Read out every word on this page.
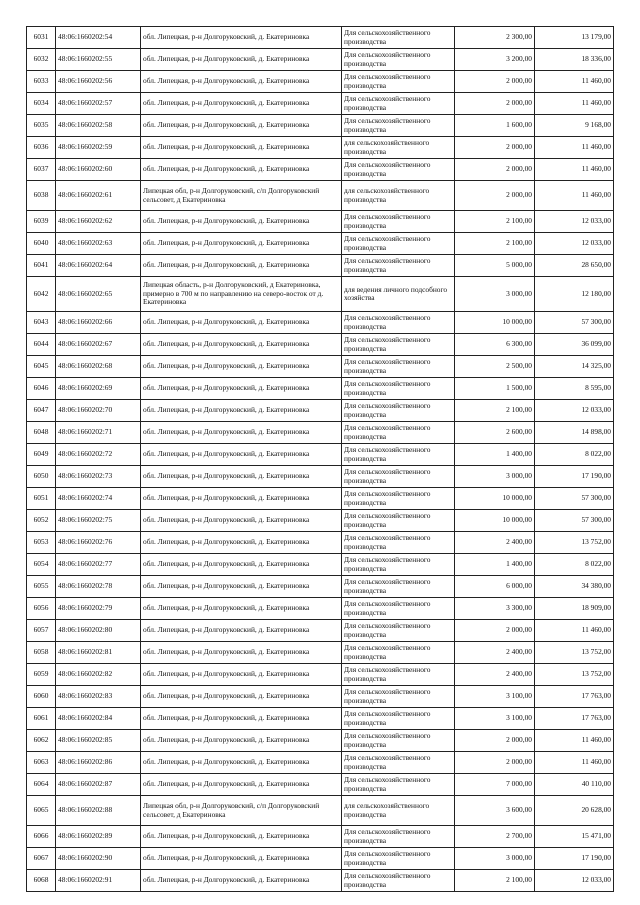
6031	48:06:1660202:54	обл. Липецкая, р-н Долгоруковский, д. Екатериновка	Для сельскохозяйственного производства	2 300,00	13 179,00
6032	48:06:1660202:55	обл. Липецкая, р-н Долгоруковский, д. Екатериновка	Для сельскохозяйственного производства	3 200,00	18 336,00
6033	48:06:1660202:56	обл. Липецкая, р-н Долгоруковский, д. Екатериновка	Для сельскохозяйственного производства	2 000,00	11 460,00
6034	48:06:1660202:57	обл. Липецкая, р-н Долгоруковский, д. Екатериновка	Для сельскохозяйственного производства	2 000,00	11 460,00
6035	48:06:1660202:58	обл. Липецкая, р-н Долгоруковский, д. Екатериновка	Для сельскохозяйственного производства	1 600,00	9 168,00
6036	48:06:1660202:59	обл. Липецкая, р-н Долгоруковский, д. Екатериновка	для сельскохозяйственного производства	2 000,00	11 460,00
6037	48:06:1660202:60	обл. Липецкая, р-н Долгоруковский, д. Екатериновка	Для сельскохозяйственного производства	2 000,00	11 460,00
6038	48:06:1660202:61	Липецкая обл, р-н Долгоруковский, с/п Долгоруковский сельсовет, д Екатериновка	для сельскохозяйственного производства	2 000,00	11 460,00
6039	48:06:1660202:62	обл. Липецкая, р-н Долгоруковский, д. Екатериновка	Для сельскохозяйственного производства	2 100,00	12 033,00
6040	48:06:1660202:63	обл. Липецкая, р-н Долгоруковский, д. Екатериновка	Для сельскохозяйственного производства	2 100,00	12 033,00
6041	48:06:1660202:64	обл. Липецкая, р-н Долгоруковский, д. Екатериновка	Для сельскохозяйственного производства	5 000,00	28 650,00
6042	48:06:1660202:65	Липецкая область, р-н Долгоруковский, д Екатериновка, примерно в 700 м по направлению на северо-восток от д. Екатериновка	для ведения личного подсобного хозяйства	3 000,00	12 180,00
6043	48:06:1660202:66	обл. Липецкая, р-н Долгоруковский, д. Екатериновка	Для сельскохозяйственного производства	10 000,00	57 300,00
6044	48:06:1660202:67	обл. Липецкая, р-н Долгоруковский, д. Екатериновка	Для сельскохозяйственного производства	6 300,00	36 099,00
6045	48:06:1660202:68	обл. Липецкая, р-н Долгоруковский, д. Екатериновка	Для сельскохозяйственного производства	2 500,00	14 325,00
6046	48:06:1660202:69	обл. Липецкая, р-н Долгоруковский, д. Екатериновка	Для сельскохозяйственного производства	1 500,00	8 595,00
6047	48:06:1660202:70	обл. Липецкая, р-н Долгоруковский, д. Екатериновка	Для сельскохозяйственного производства	2 100,00	12 033,00
6048	48:06:1660202:71	обл. Липецкая, р-н Долгоруковский, д. Екатериновка	Для сельскохозяйственного производства	2 600,00	14 898,00
6049	48:06:1660202:72	обл. Липецкая, р-н Долгоруковский, д. Екатериновка	Для сельскохозяйственного производства	1 400,00	8 022,00
6050	48:06:1660202:73	обл. Липецкая, р-н Долгоруковский, д. Екатериновка	Для сельскохозяйственного производства	3 000,00	17 190,00
6051	48:06:1660202:74	обл. Липецкая, р-н Долгоруковский, д. Екатериновка	Для сельскохозяйственного производства	10 000,00	57 300,00
6052	48:06:1660202:75	обл. Липецкая, р-н Долгоруковский, д. Екатериновка	Для сельскохозяйственного производства	10 000,00	57 300,00
6053	48:06:1660202:76	обл. Липецкая, р-н Долгоруковский, д. Екатериновка	Для сельскохозяйственного производства	2 400,00	13 752,00
6054	48:06:1660202:77	обл. Липецкая, р-н Долгоруковский, д. Екатериновка	Для сельскохозяйственного производства	1 400,00	8 022,00
6055	48:06:1660202:78	обл. Липецкая, р-н Долгоруковский, д. Екатериновка	Для сельскохозяйственного производства	6 000,00	34 380,00
6056	48:06:1660202:79	обл. Липецкая, р-н Долгоруковский, д. Екатериновка	Для сельскохозяйственного производства	3 300,00	18 909,00
6057	48:06:1660202:80	обл. Липецкая, р-н Долгоруковский, д. Екатериновка	Для сельскохозяйственного производства	2 000,00	11 460,00
6058	48:06:1660202:81	обл. Липецкая, р-н Долгоруковский, д. Екатериновка	Для сельскохозяйственного производства	2 400,00	13 752,00
6059	48:06:1660202:82	обл. Липецкая, р-н Долгоруковский, д. Екатериновка	Для сельскохозяйственного производства	2 400,00	13 752,00
6060	48:06:1660202:83	обл. Липецкая, р-н Долгоруковский, д. Екатериновка	Для сельскохозяйственного производства	3 100,00	17 763,00
6061	48:06:1660202:84	обл. Липецкая, р-н Долгоруковский, д. Екатериновка	Для сельскохозяйственного производства	3 100,00	17 763,00
6062	48:06:1660202:85	обл. Липецкая, р-н Долгоруковский, д. Екатериновка	Для сельскохозяйственного производства	2 000,00	11 460,00
6063	48:06:1660202:86	обл. Липецкая, р-н Долгоруковский, д. Екатериновка	Для сельскохозяйственного производства	2 000,00	11 460,00
6064	48:06:1660202:87	обл. Липецкая, р-н Долгоруковский, д. Екатериновка	Для сельскохозяйственного производства	7 000,00	40 110,00
6065	48:06:1660202:88	Липецкая обл, р-н Долгоруковский, с/п Долгоруковский сельсовет, д Екатериновка	для сельскохозяйственного производства	3 600,00	20 628,00
6066	48:06:1660202:89	обл. Липецкая, р-н Долгоруковский, д. Екатериновка	Для сельскохозяйственного производства	2 700,00	15 471,00
6067	48:06:1660202:90	обл. Липецкая, р-н Долгоруковский, д. Екатериновка	Для сельскохозяйственного производства	3 000,00	17 190,00
6068	48:06:1660202:91	обл. Липецкая, р-н Долгоруковский, д. Екатериновка	Для сельскохозяйственного производства	2 100,00	12 033,00
